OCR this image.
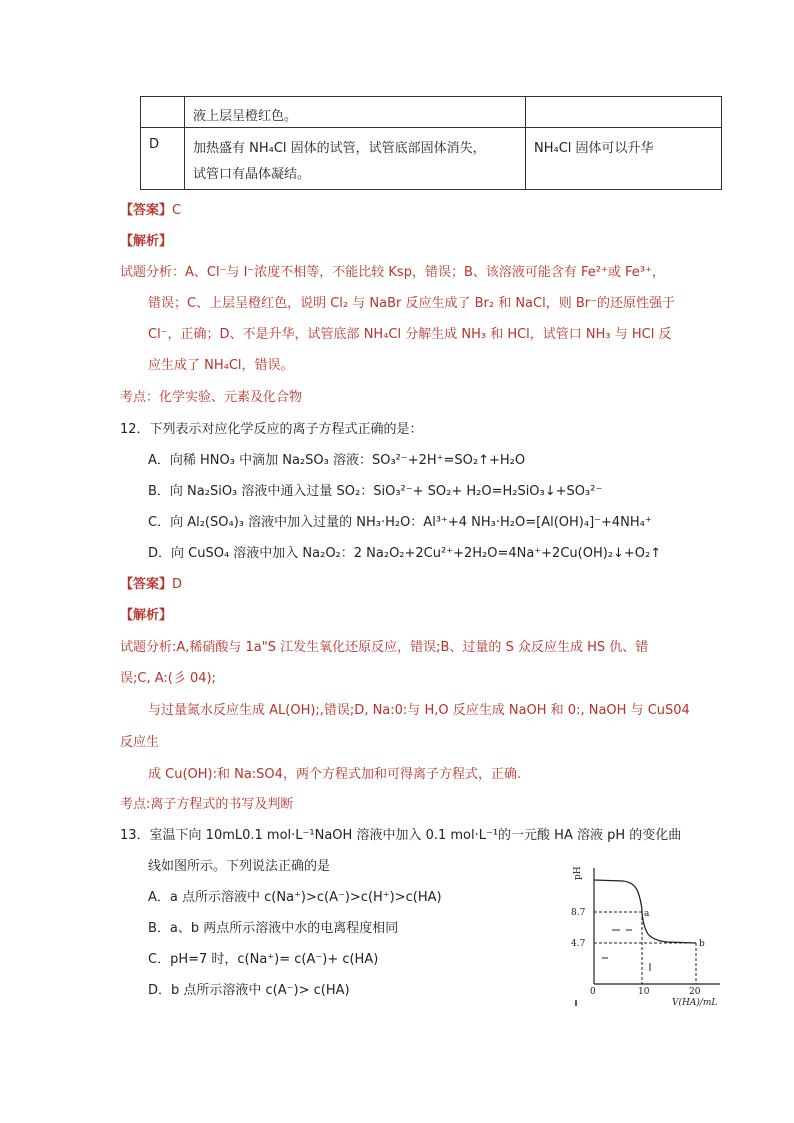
	液上层呈橙红色。	
D	加热盛有 NH₄Cl 固体的试管，试管底部固体消失，
试管口有晶体凝结。	NH₄Cl 固体可以升华
【答案】C
【解析】
试题分析：A、Cl⁻与 I⁻浓度不相等，不能比较 Ksp，错误；B、该溶液可能含有 Fe²⁺或 Fe³⁺，
错误；C、上层呈橙红色，说明 Cl₂ 与 NaBr 反应生成了 Br₂ 和 NaCl，则 Br⁻的还原性强于
Cl⁻，正确；D、不是升华，试管底部 NH₄Cl 分解生成 NH₃ 和 HCl，试管口 NH₃ 与 HCl 反
应生成了 NH₄Cl，错误。
考点：化学实验、元素及化合物
12．下列表示对应化学反应的离子方程式正确的是：
A．向稀 HNO₃ 中滴加 Na₂SO₃ 溶液：SO₃²⁻+2H⁺=SO₂↑+H₂O
B．向 Na₂SiO₃ 溶液中通入过量 SO₂：SiO₃²⁻+ SO₂+ H₂O=H₂SiO₃↓+SO₃²⁻
C．向 Al₂(SO₄)₃ 溶液中加入过量的 NH₃·H₂O：Al³⁺+4 NH₃·H₂O=[Al(OH)₄]⁻+4NH₄⁺
D．向 CuSO₄ 溶液中加入 Na₂O₂：2 Na₂O₂+2Cu²⁺+2H₂O=4Na⁺+2Cu(OH)₂↓+O₂↑
【答案】D
【解析】
试题分析:A,稀硝酸与 1a"S 江发生氧化还原反应，错误;B、过量的 S 众反应生成 HS 仇、错
误;C, A:(彡 04);
与过量氮水反应生成 AL(OH);,错误;D, Na:0:与 H,O 反应生成 NaOH 和 0:, NaOH 与 CuS04
反应生
成 Cu(OH):和 Na:SO4，两个方程式加和可得离子方程式，正确.
考点:离子方程式的书写及判断
13．室温下向 10mL0.1 mol·L⁻¹NaOH 溶液中加入 0.1 mol·L⁻¹的一元酸 HA 溶液 pH 的变化曲
线如图所示。下列说法正确的是
A．a 点所示溶液中 c(Na⁺)>c(A⁻)>c(H⁺)>c(HA)
B．a、b 两点所示溶液中水的电离程度相同
C．pH=7 时，c(Na⁺)= c(A⁻)+ c(HA)
D．b 点所示溶液中 c(A⁻)> c(HA)
pH
8.7
4.7
0	10	20
V(HA)/mL
a
b
